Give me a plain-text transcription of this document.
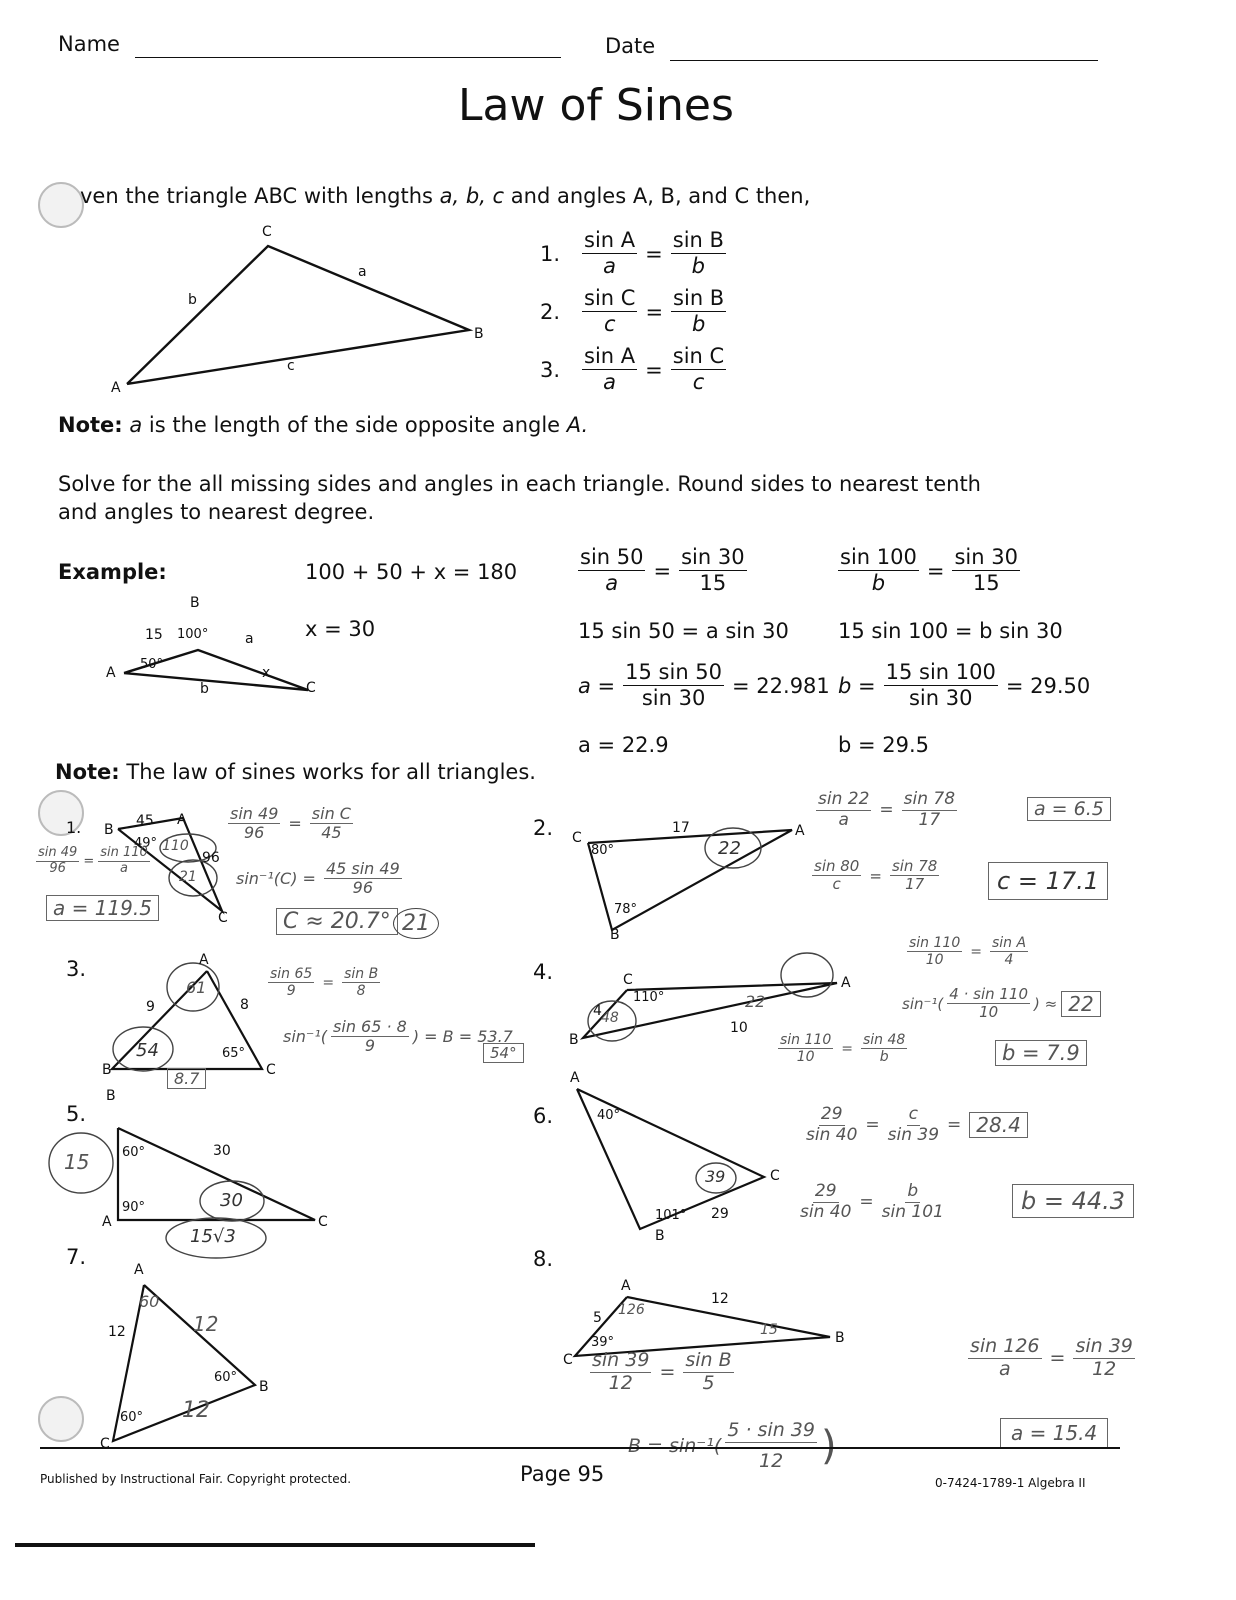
Name	Date
Law of Sines
ven the triangle ABC with lengths a, b, c and angles A, B, and C then,
C
B
A
a
b
c
1.	$\frac{\text{sin A}}{a} = \frac{\text{sin B}}{b}$
2.	$\frac{\text{sin C}}{c} = \frac{\text{sin B}}{b}$
3.	$\frac{\text{sin A}}{a} = \frac{\text{sin C}}{c}$
Note: a is the length of the side opposite angle A.
Solve for the all missing sides and angles in each triangle. Round sides to nearest tenth
and angles to nearest degree.
Example:	100 + 50 + x = 180
x = 30
B
A
C
15 100°	a
50°
b
x
$\frac{\sin 50}{a} = \frac{\sin 30}{15}$
15 sin 50 = a sin 30
$a = \frac{15 \sin 50}{\sin 30} = 22.981$
a = 22.9
$\frac{\sin 100}{b} = \frac{\sin 30}{15}$
15 sin 100 = b sin 30
$b = \frac{15 \sin 100}{\sin 30} = 29.50$
b = 29.5
Note: The law of sines works for all triangles.
1. B
A
C
45
49°
96
110
21
$\frac{\sin 49}{96} = \frac{\sin 110}{a}$
a = 119.5
$\frac{\sin 49}{96} = \frac{\text{sin C}}{45}$
$\sin^{-1}(C) = \frac{45 \sin 49}{96}$
C ≈ 20.7° 21
2. C	A
B
17
80°
78°
22
$\frac{\sin 22}{a} = \frac{\sin 78}{17}$	a = 6.5
$\frac{\sin 80}{c} = \frac{\sin 78}{17}$	c = 17.1
3.	A
B	C
9	8
65°
61
54
8.7
$\frac{\sin 65}{9} = \frac{\text{sin B}}{8}$
$\sin^{-1}( \frac{\sin 65 \cdot 8}{9}$ ) = B = 53.7
54°
4.	C	A
B
4
110°
10
22
48
$\frac{\sin 110}{10} = \frac{\text{sin A}}{4}$
$\sin^{-1}( \frac{4 \cdot \sin 110}{10}$ ) ≈ 22
$\frac{\sin 110}{10} = \frac{\sin 48}{b}$	b = 7.9
5.
B
A	C
60°
90°
30
15
30
15√3
6.
A
C
B
40°
101° 29
39
$\frac{29}{\sin 40} = \frac{c}{\sin 39} = 28.4$
$\frac{29}{\sin 40} = \frac{b}{\sin 101}$	b = 44.3
7.
A
B
C
12
60°
60°
60
12
12
8.
A
B
C
5
12
39°
126
15
$\frac{\sin 39}{12} = \frac{\text{sin B}}{5}$
$B = \sin^{-1}( \frac{5 \cdot \sin 39}{12}$ )
$\frac{\sin 126}{a} = \frac{\sin 39}{12}$
a = 15.4
Published by Instructional Fair. Copyright protected.	Page 95	0-7424-1789-1 Algebra II
